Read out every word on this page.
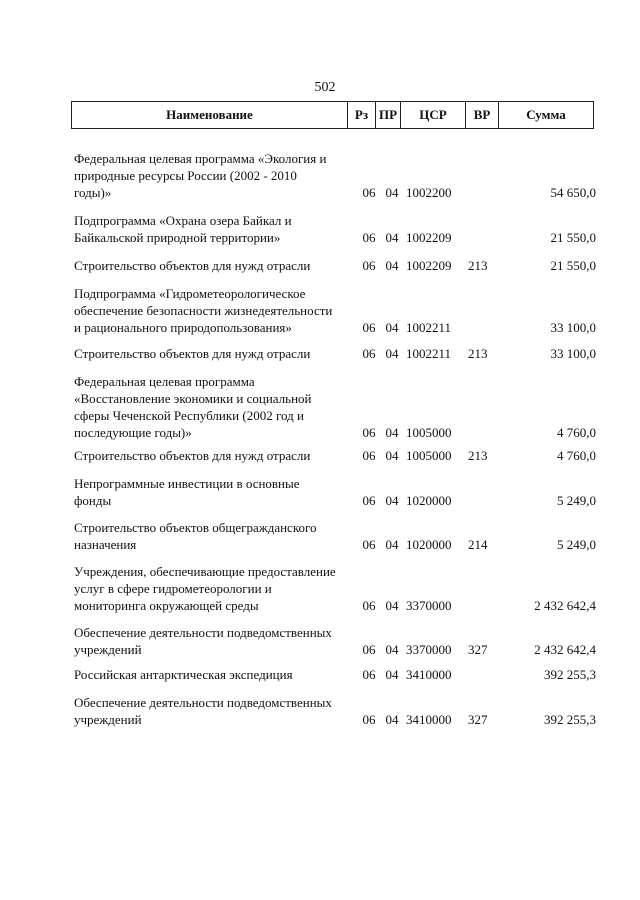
502
Наименование	Рз ПР	ЦСР	ВР	Сумма
Федеральная целевая программа «Экология и
природные ресурсы России (2002 - 2010
годы)»	06 04 1002200	54 650,0
Подпрограмма «Охрана озера Байкал и
Байкальской природной территории»	06 04 1002209	21 550,0
Строительство объектов для нужд отрасли	06 04 1002209	213	21 550,0
Подпрограмма «Гидрометеорологическое
обеспечение безопасности жизнедеятельности
и рационального природопользования»	06 04 1002211	33 100,0
Строительство объектов для нужд отрасли	06 04 1002211	213	33 100,0
Федеральная целевая программа
«Восстановление экономики и социальной
сферы Чеченской Республики (2002 год и
последующие годы)»	06 04 1005000	4 760,0
Строительство объектов для нужд отрасли	06 04 1005000	213	4 760,0
Непрограммные инвестиции в основные
фонды	06 04 1020000	5 249,0
Строительство объектов общегражданского
назначения	06 04 1020000	214	5 249,0
Учреждения, обеспечивающие предоставление
услуг в сфере гидрометеорологии и
мониторинга окружающей среды	06 04 3370000	2 432 642,4
Обеспечение деятельности подведомственных
учреждений	06 04 3370000	327	2 432 642,4
Российская антарктическая экспедиция	06 04 3410000	392 255,3
Обеспечение деятельности подведомственных
учреждений	06 04 3410000	327	392 255,3
